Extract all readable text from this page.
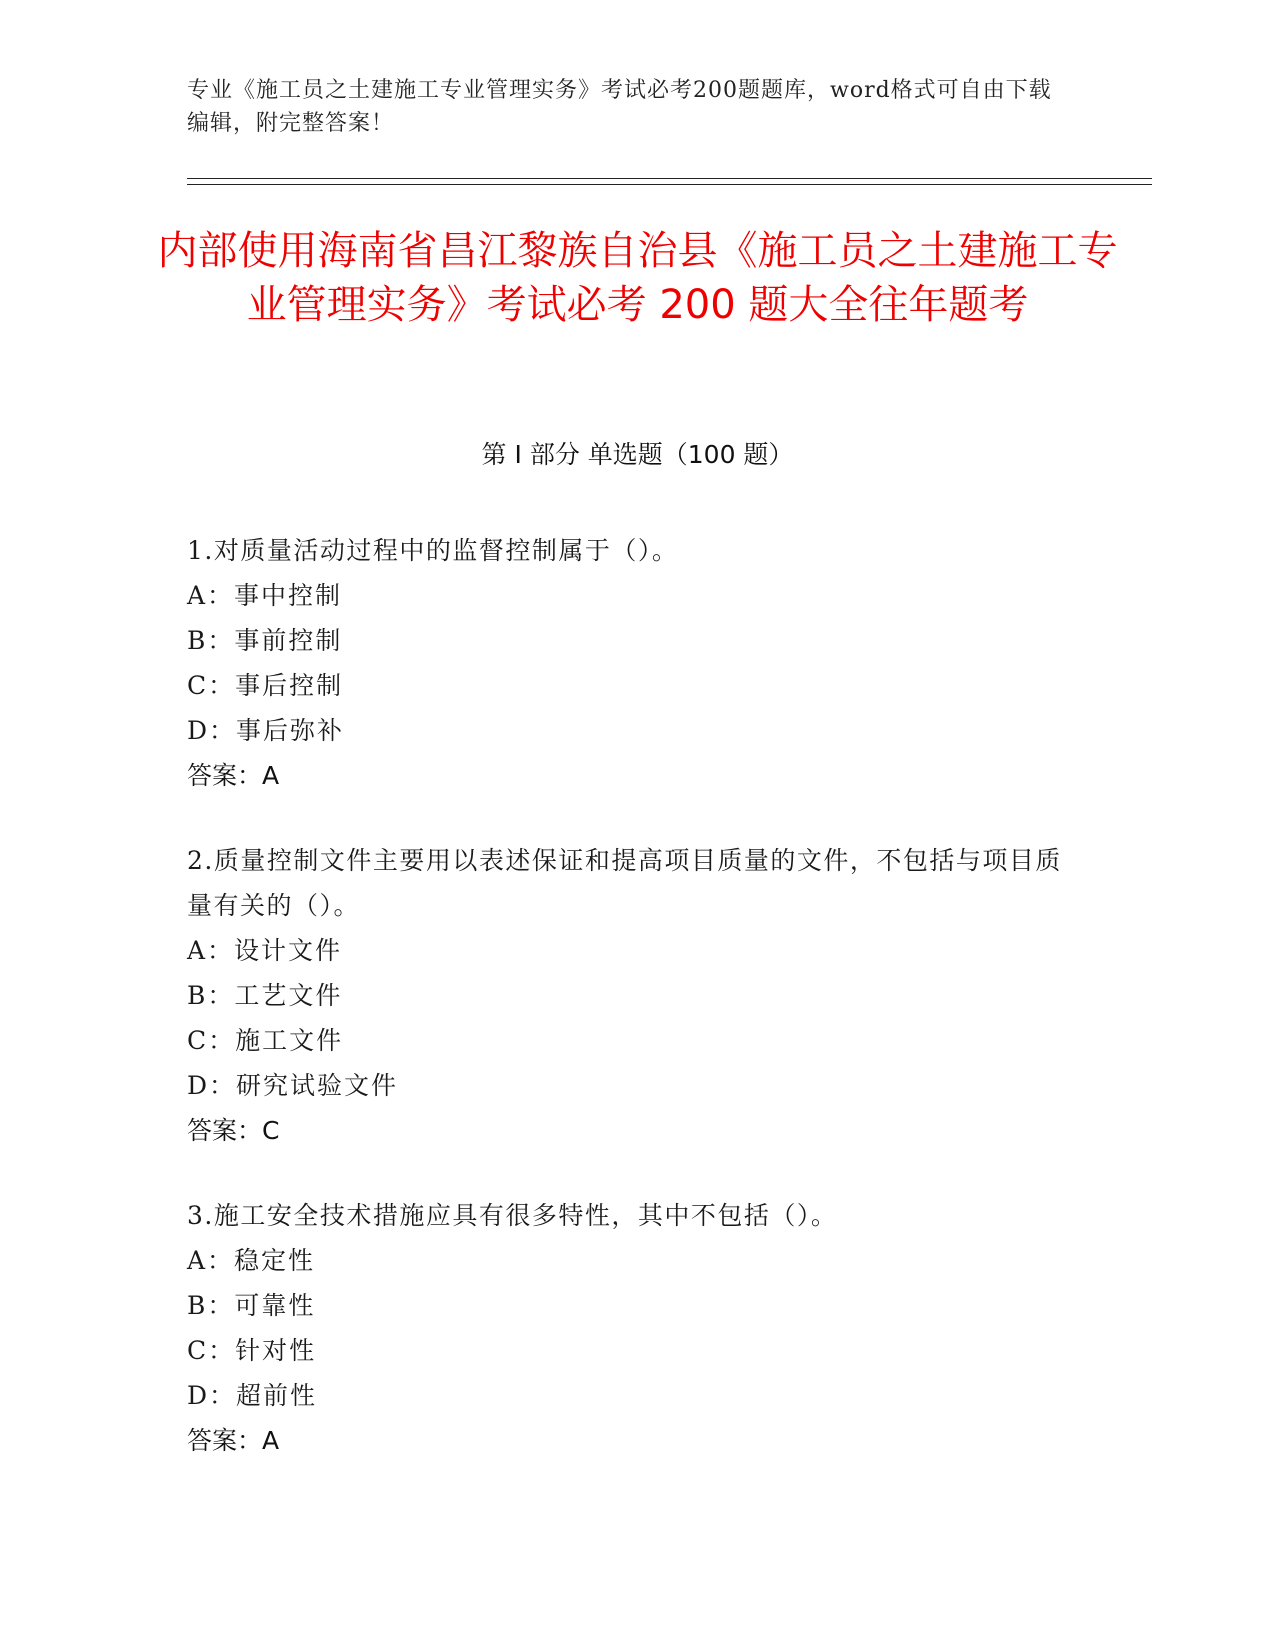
专业《施工员之土建施工专业管理实务》考试必考200题题库，word格式可自由下载编辑，附完整答案！
内部使用海南省昌江黎族自治县《施工员之土建施工专业管理实务》考试必考 200 题大全往年题考
第 I 部分 单选题（100 题）
1.对质量活动过程中的监督控制属于（）。
A：事中控制
B：事前控制
C：事后控制
D：事后弥补
答案：A
2.质量控制文件主要用以表述保证和提高项目质量的文件，不包括与项目质量有关的（）。
A：设计文件
B：工艺文件
C：施工文件
D：研究试验文件
答案：C
3.施工安全技术措施应具有很多特性，其中不包括（）。
A：稳定性
B：可靠性
C：针对性
D：超前性
答案：A
